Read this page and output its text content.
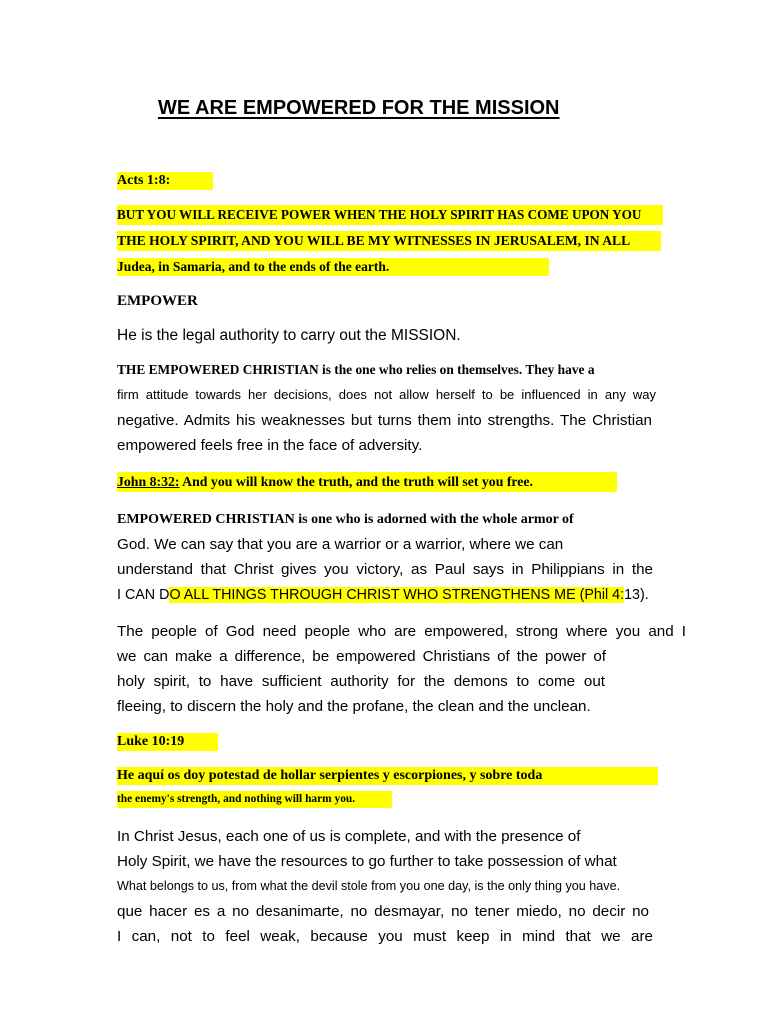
WE ARE EMPOWERED FOR THE MISSION
Acts 1:8:
BUT YOU WILL RECEIVE POWER WHEN THE HOLY SPIRIT HAS COME UPON YOU
THE HOLY SPIRIT, AND YOU WILL BE MY WITNESSES IN JERUSALEM, IN ALL
Judea, in Samaria, and to the ends of the earth.
EMPOWER
He is the legal authority to carry out the MISSION.
THE EMPOWERED CHRISTIAN is the one who relies on themselves. They have a
firm attitude towards her decisions, does not allow herself to be influenced in any way
negative. Admits his weaknesses but turns them into strengths. The Christian
empowered feels free in the face of adversity.
John 8:32: And you will know the truth, and the truth will set you free.
EMPOWERED CHRISTIAN is one who is adorned with the whole armor of
God. We can say that you are a warrior or a warrior, where we can
understand that Christ gives you victory, as Paul says in Philippians in the
I CAN DO ALL THINGS THROUGH CHRIST WHO STRENGTHENS ME (Phil 4:13).
The people of God need people who are empowered, strong where you and I
we can make a difference, be empowered Christians of the power of
holy spirit, to have sufficient authority for the demons to come out
fleeing, to discern the holy and the profane, the clean and the unclean.
Luke 10:19
He aquí os doy potestad de hollar serpientes y escorpiones, y sobre toda
the enemy's strength, and nothing will harm you.
In Christ Jesus, each one of us is complete, and with the presence of
Holy Spirit, we have the resources to go further to take possession of what
What belongs to us, from what the devil stole from you one day, is the only thing you have.
que hacer es a no desanimarte, no desmayar, no tener miedo, no decir no
I can, not to feel weak, because you must keep in mind that we are
